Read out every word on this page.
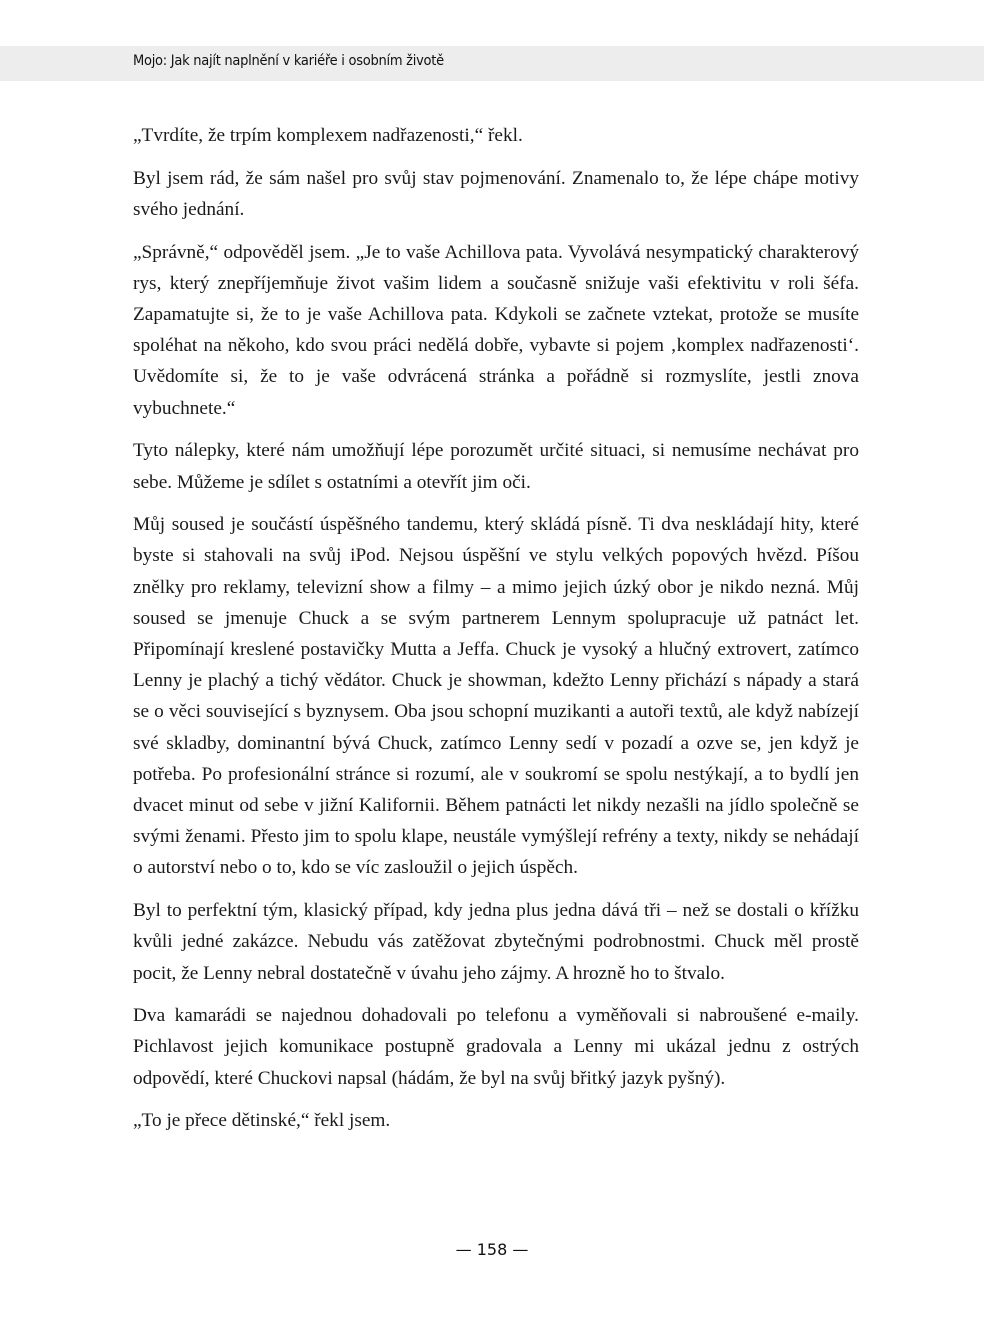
Mojo: Jak najít naplnění v kariéře i osobním životě

„Tvrdíte, že trpím komplexem nadřazenosti,“ řekl.

Byl jsem rád, že sám našel pro svůj stav pojmenování. Znamenalo to, že lépe chápe motivy svého jednání.

„Správně,“ odpověděl jsem. „Je to vaše Achillova pata. Vyvolává nesympatický charakterový rys, který znepříjemňuje život vašim lidem a současně snižuje vaši efektivitu v roli šéfa. Zapamatujte si, že to je vaše Achillova pata. Kdykoli se začnete vztekat, protože se musíte spoléhat na někoho, kdo svou práci nedělá dobře, vybavte si pojem ‚komplex nadřazenosti‘. Uvědomíte si, že to je vaše odvrácená stránka a pořádně si rozmyslíte, jestli znova vybuchnete.“

Tyto nálepky, které nám umožňují lépe porozumět určité situaci, si nemusíme nechávat pro sebe. Můžeme je sdílet s ostatními a otevřít jim oči.

Můj soused je součástí úspěšného tandemu, který skládá písně. Ti dva neskládají hity, které byste si stahovali na svůj iPod. Nejsou úspěšní ve stylu velkých popových hvězd. Píšou znělky pro reklamy, televizní show a filmy – a mimo jejich úzký obor je nikdo nezná. Můj soused se jmenuje Chuck a se svým partnerem Lennym spolupracuje už patnáct let. Připomínají kreslené postavičky Mutta a Jeffa. Chuck je vysoký a hlučný extrovert, zatímco Lenny je plachý a tichý vědátor. Chuck je showman, kdežto Lenny přichází s nápady a stará se o věci související s byznysem. Oba jsou schopní muzikanti a autoři textů, ale když nabízejí své skladby, dominantní bývá Chuck, zatímco Lenny sedí v pozadí a ozve se, jen když je potřeba. Po profesionální stránce si rozumí, ale v soukromí se spolu nestýkají, a to bydlí jen dvacet minut od sebe v jižní Kalifornii. Během patnácti let nikdy nezašli na jídlo společně se svými ženami. Přesto jim to spolu klape, neustále vymýšlejí refrény a texty, nikdy se nehádají o autorství nebo o to, kdo se víc zasloužil o jejich úspěch.

Byl to perfektní tým, klasický případ, kdy jedna plus jedna dává tři – než se dostali o křížku kvůli jedné zakázce. Nebudu vás zatěžovat zbytečnými podrobnostmi. Chuck měl prostě pocit, že Lenny nebral dostatečně v úvahu jeho zájmy. A hrozně ho to štvalo.

Dva kamarádi se najednou dohadovali po telefonu a vyměňovali si nabroušené e-maily. Pichlavost jejich komunikace postupně gradovala a Lenny mi ukázal jednu z ostrých odpovědí, které Chuckovi napsal (hádám, že byl na svůj břitký jazyk pyšný).

„To je přece dětinské,“ řekl jsem.

— 158 —
